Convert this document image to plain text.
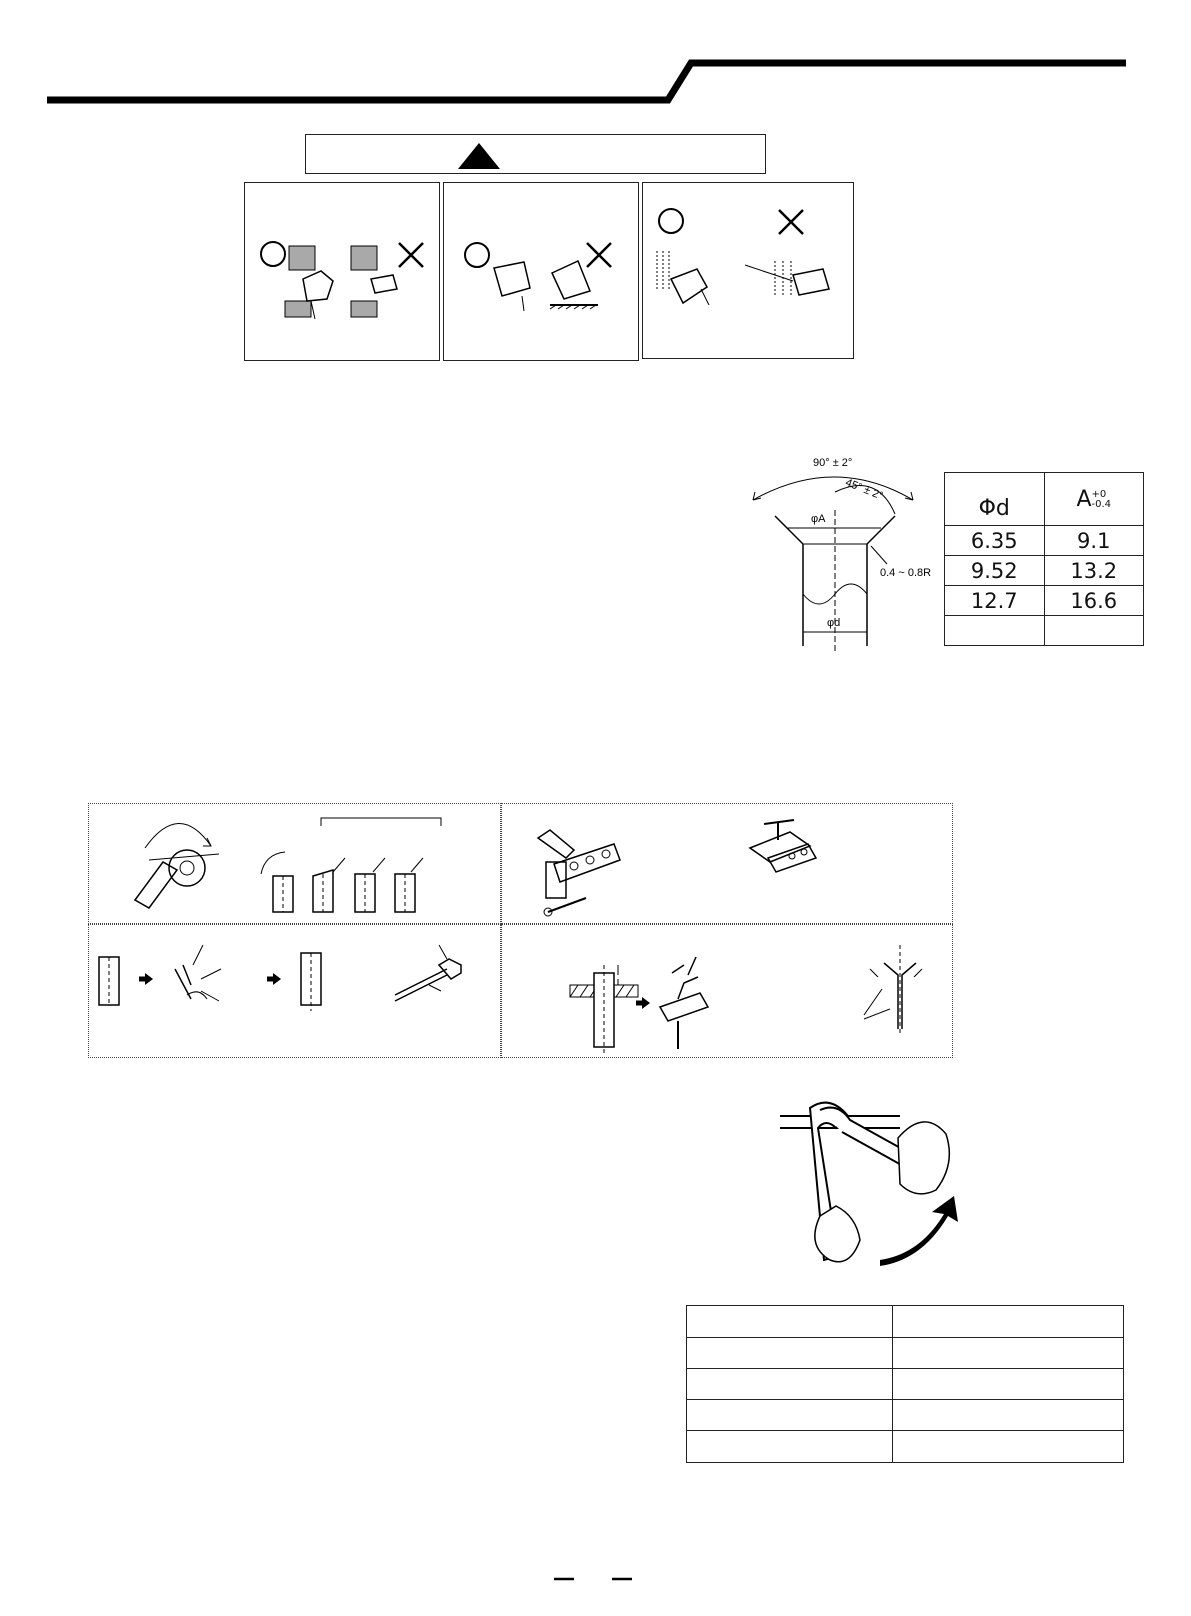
90° ± 2°
45° ± 2°
φA
φd
0.4 ~ 0.8R
Φd	A+0
-0.4
6.35	9.1
9.52	13.2
12.7	16.6
